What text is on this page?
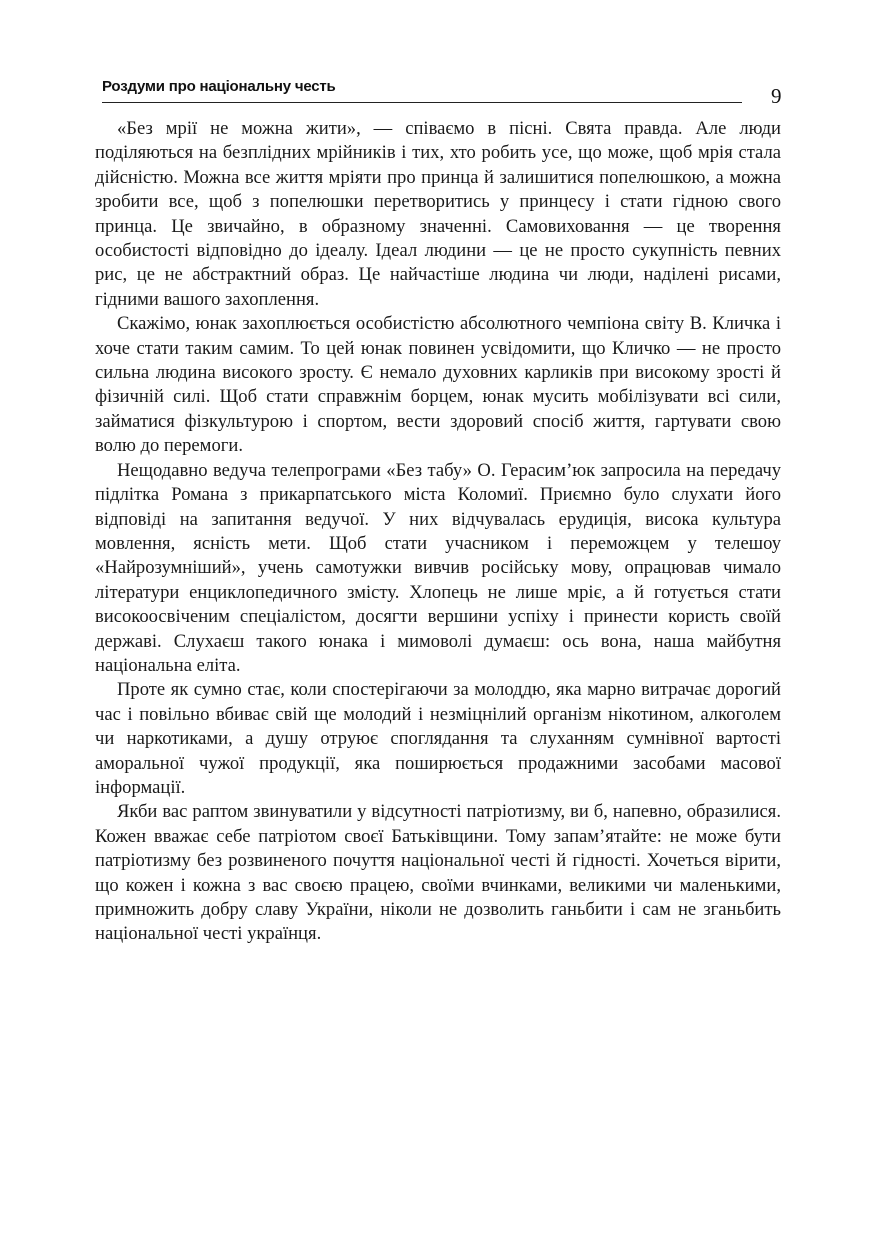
Роздуми про національну честь	9

«Без мрії не можна жити», — співаємо в пісні. Свята правда. Але люди поділяються на безплідних мрійників і тих, хто робить усе, що може, щоб мрія стала дійсністю. Можна все життя мріяти про принца й залишитися попелюшкою, а можна зробити все, щоб з попелюшки перетворитись у принцесу і стати гідною свого принца. Це звичайно, в образному значенні. Самовиховання — це творення особистості відповідно до ідеалу. Ідеал людини — це не просто сукупність певних рис, це не абстрактний образ. Це найчастіше людина чи люди, наділені рисами, гідними вашого захоплення.

Скажімо, юнак захоплюється особистістю абсолютного чемпіона світу В. Кличка і хоче стати таким самим. То цей юнак повинен усвідомити, що Кличко — не просто сильна людина високого зросту. Є немало духовних карликів при високому зрості й фізичній силі. Щоб стати справжнім борцем, юнак мусить мобілізувати всі сили, займатися фізкультурою і спортом, вести здоровий спосіб життя, гартувати свою волю до перемоги.

Нещодавно ведуча телепрограми «Без табу» О. Герасим’юк запросила на передачу підлітка Романа з прикарпатського міста Коломиї. Приємно було слухати його відповіді на запитання ведучої. У них відчувалась ерудиція, висока культура мовлення, ясність мети. Щоб стати учасником і переможцем у телешоу «Найрозумніший», учень самотужки вивчив російську мову, опрацював чимало літератури енциклопедичного змісту. Хлопець не лише мріє, а й готується стати високоосвіченим спеціалістом, досягти вершини успіху і принести користь своїй державі. Слухаєш такого юнака і мимоволі думаєш: ось вона, наша майбутня національна еліта.

Проте як сумно стає, коли спостерігаючи за молоддю, яка марно витрачає дорогий час і повільно вбиває свій ще молодий і незміцнілий організм нікотином, алкоголем чи наркотиками, а душу отруює споглядання та слуханням сумнівної вартості аморальної чужої продукції, яка поширюється продажними засобами масової інформації.

Якби вас раптом звинуватили у відсутності патріотизму, ви б, напевно, образилися. Кожен вважає себе патріотом своєї Батьківщини. Тому запам’ятайте: не може бути патріотизму без розвиненого почуття національної честі й гідності. Хочеться вірити, що кожен і кожна з вас своєю працею, своїми вчинками, великими чи маленькими, примножить добру славу України, ніколи не дозволить ганьбити і сам не зганьбить національної честі українця.
